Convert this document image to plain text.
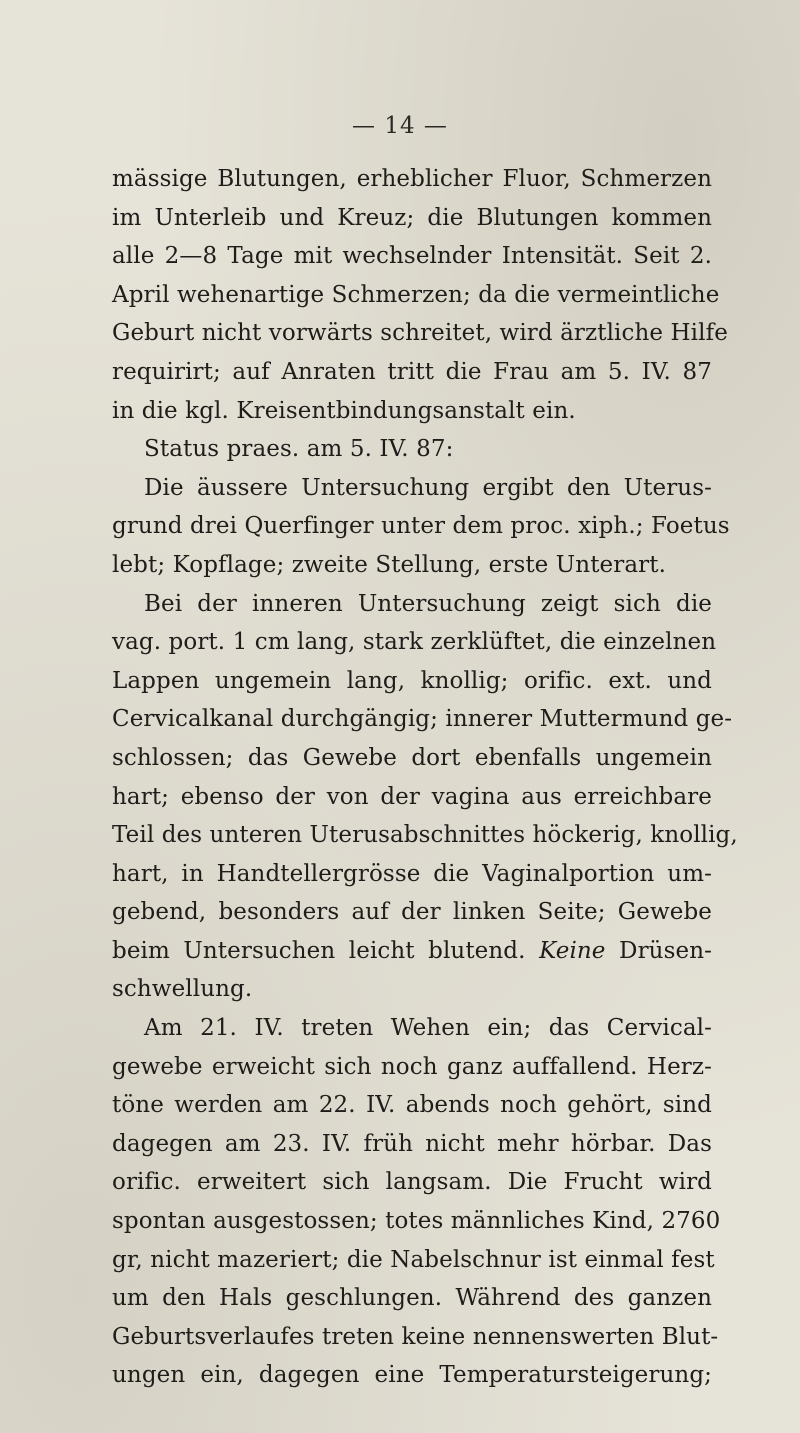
— 14 —
mässige Blutungen, erheblicher Fluor, Schmerzen
im Unterleib und Kreuz; die Blutungen kommen
alle 2—8 Tage mit wechselnder Intensität. Seit 2.
April wehenartige Schmerzen; da die vermeintliche
Geburt nicht vorwärts schreitet, wird ärztliche Hilfe
requirirt; auf Anraten tritt die Frau am 5. IV. 87
in die kgl. Kreisentbindungsanstalt ein.
Status praes. am 5. IV. 87:
Die äussere Untersuchung ergibt den Uterus-
grund drei Querfinger unter dem proc. xiph.; Foetus
lebt; Kopflage; zweite Stellung, erste Unterart.
Bei der inneren Untersuchung zeigt sich die
vag. port. 1 cm lang, stark zerklüftet, die einzelnen
Lappen ungemein lang, knollig; orific. ext. und
Cervicalkanal durchgängig; innerer Muttermund ge-
schlossen; das Gewebe dort ebenfalls ungemein
hart; ebenso der von der vagina aus erreichbare
Teil des unteren Uterusabschnittes höckerig, knollig,
hart, in Handtellergrösse die Vaginalportion um-
gebend, besonders auf der linken Seite; Gewebe
beim Untersuchen leicht blutend. Keine Drüsen-
schwellung.
Am 21. IV. treten Wehen ein; das Cervical-
gewebe erweicht sich noch ganz auffallend. Herz-
töne werden am 22. IV. abends noch gehört, sind
dagegen am 23. IV. früh nicht mehr hörbar. Das
orific. erweitert sich langsam. Die Frucht wird
spontan ausgestossen; totes männliches Kind, 2760
gr, nicht mazeriert; die Nabelschnur ist einmal fest
um den Hals geschlungen. Während des ganzen
Geburtsverlaufes treten keine nennenswerten Blut-
ungen ein, dagegen eine Temperatursteigerung;
